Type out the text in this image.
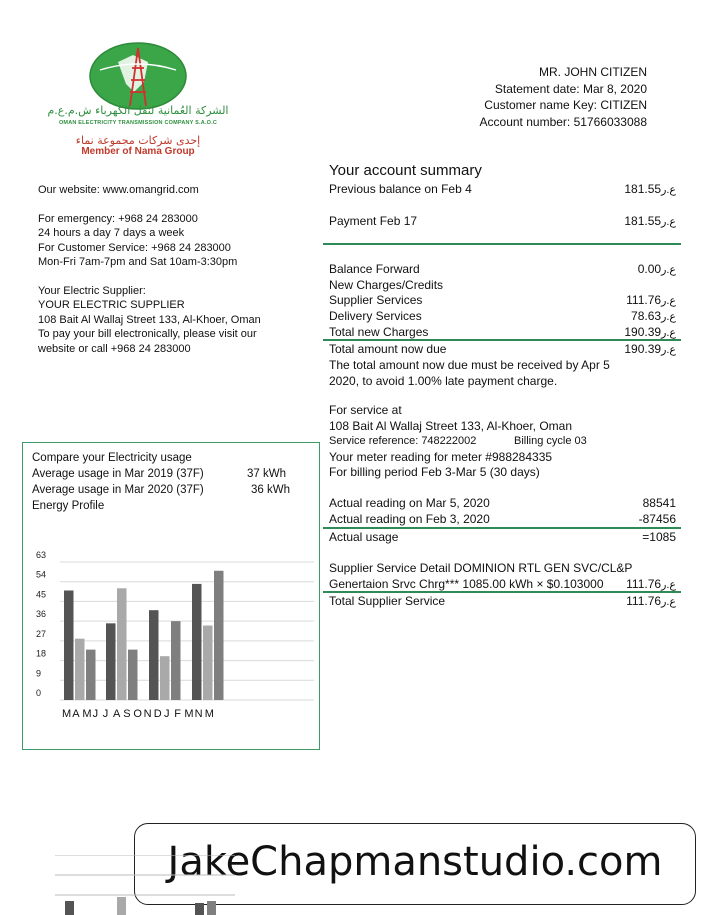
الشركة العُمانية لنقل الكهرباء ش.م.ع.م
OMAN ELECTRICITY TRANSMISSION COMPANY S.A.O.C
إحدى شركات مجموعة نماء
Member of Nama Group
MR. JOHN CITIZEN
Statement date: Mar 8, 2020
Customer name Key: CITIZEN
Account number: 51766033088
Our website: www.omangrid.com
For emergency: +968 24 283000
24 hours a day 7 days a week
For Customer Service: +968 24 283000
Mon-Fri 7am-7pm and Sat 10am-3:30pm
Your Electric Supplier:
YOUR ELECTRIC SUPPLIER
108 Bait Al Wallaj Street 133, Al-Khoer, Oman
To pay your bill electronically, please visit our
website or call +968 24 283000
Your account summary
Previous balance on Feb 4	ع.ر181.55
Payment Feb 17	ع.ر181.55
Balance Forward	ع.ر0.00
New Charges/Credits
Supplier Services	ع.ر111.76
Delivery Services	ع.ر78.63
Total new Charges	ع.ر190.39
Total amount now due	ع.ر190.39
The total amount now due must be received by Apr 5
2020, to avoid 1.00% late payment charge.
For service at
108 Bait Al Wallaj Street 133, Al-Khoer, Oman
Service reference: 748222002	Billing cycle 03
Your meter reading for meter #988284335
For billing period Feb 3-Mar 5 (30 days)
Actual reading on Mar 5, 2020	88541
Actual reading on Feb 3, 2020	-87456
Actual usage	=1085
Supplier Service Detail DOMINION RTL GEN SVC/CL&P
Genertaion Srvc Chrg*** 1085.00 kWh × $0.103000	ع.ر111.76
Total Supplier Service	ع.ر111.76
Compare your Electricity usage
Average usage in Mar 2019 (37F)	37 kWh
Average usage in Mar 2020 (37F)	36 kWh
Energy Profile
63
54
45
36
27
18
9
0
M A M J J A S O N D J F M N M
JakeChapmanstudio.com
